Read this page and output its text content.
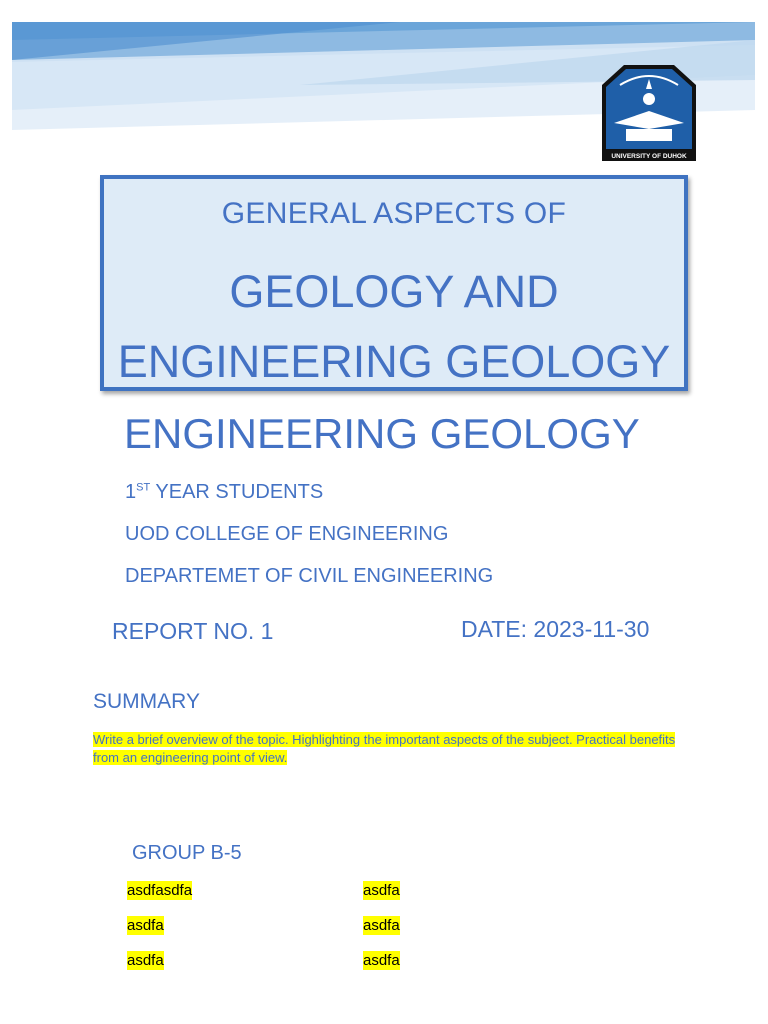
UNIVERSITY OF DUHOK
GENERAL ASPECTS OF
GEOLOGY AND
ENGINEERING GEOLOGY
ENGINEERING GEOLOGY
1ST YEAR STUDENTS
UOD COLLEGE OF ENGINEERING
DEPARTEMET OF CIVIL ENGINEERING
REPORT NO. 1	DATE: 2023-11-30
SUMMARY
Write a brief overview of the topic. Highlighting the important aspects of the subject. Practical benefits from an engineering point of view.
GROUP B-5
asdfasdfa	asdfa
asdfa	asdfa
asdfa	asdfa
